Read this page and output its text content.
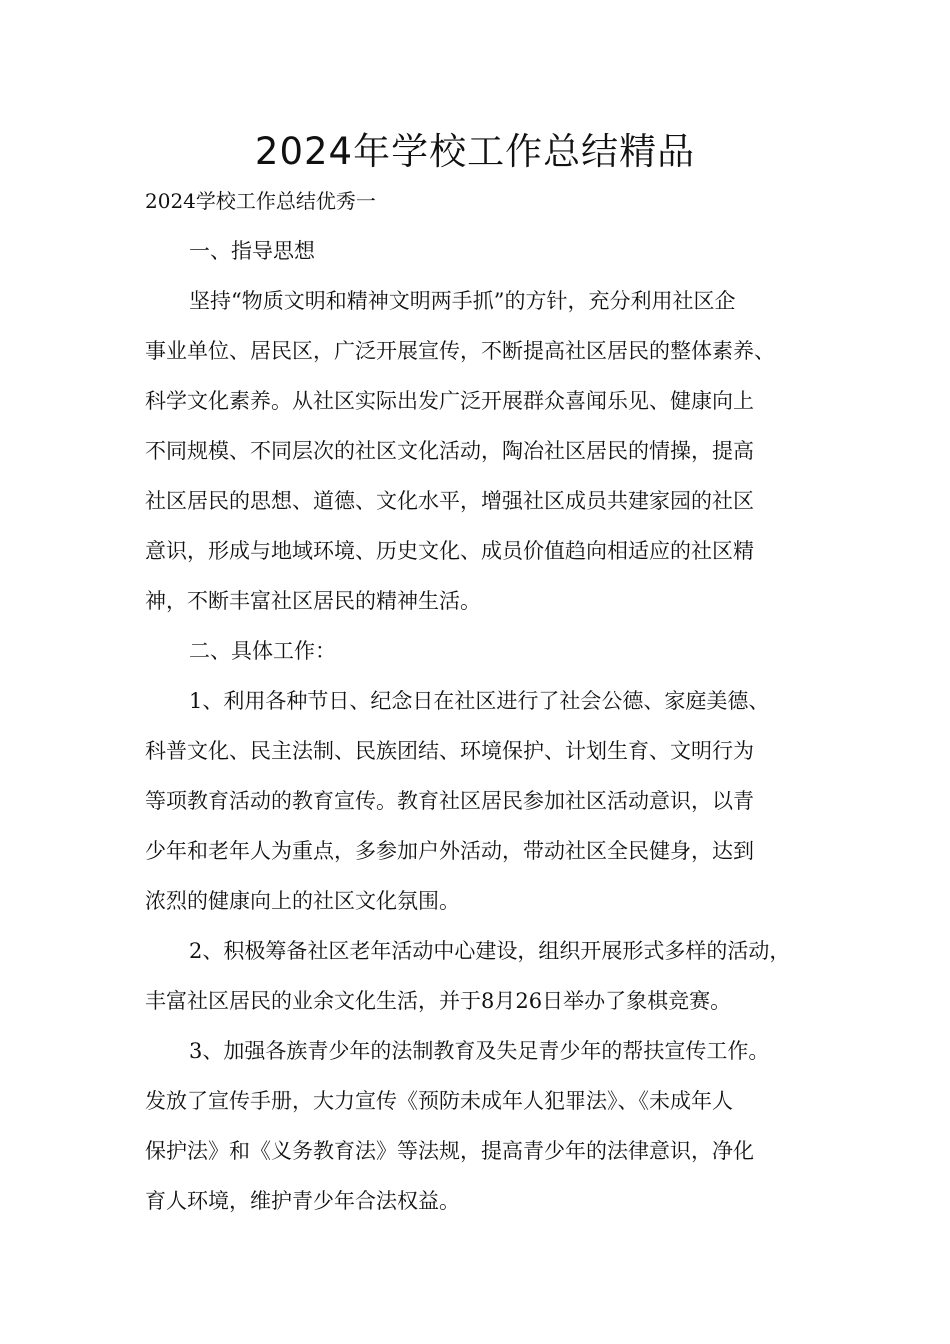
2024年学校工作总结精品

2024学校工作总结优秀一

一、指导思想

坚持“物质文明和精神文明两手抓”的方针，充分利用社区企

事业单位、居民区，广泛开展宣传，不断提高社区居民的整体素养、

科学文化素养。从社区实际出发广泛开展群众喜闻乐见、健康向上

不同规模、不同层次的社区文化活动，陶冶社区居民的情操，提高

社区居民的思想、道德、文化水平，增强社区成员共建家园的社区

意识，形成与地域环境、历史文化、成员价值趋向相适应的社区精

神，不断丰富社区居民的精神生活。

二、具体工作：

1、利用各种节日、纪念日在社区进行了社会公德、家庭美德、

科普文化、民主法制、民族团结、环境保护、计划生育、文明行为

等项教育活动的教育宣传。教育社区居民参加社区活动意识，以青

少年和老年人为重点，多参加户外活动，带动社区全民健身，达到

浓烈的健康向上的社区文化氛围。

2、积极筹备社区老年活动中心建设，组织开展形式多样的活动，

丰富社区居民的业余文化生活，并于8月26日举办了象棋竞赛。

3、加强各族青少年的法制教育及失足青少年的帮扶宣传工作。

发放了宣传手册，大力宣传《预防未成年人犯罪法》、《未成年人

保护法》和《义务教育法》等法规，提高青少年的法律意识，净化

育人环境，维护青少年合法权益。
